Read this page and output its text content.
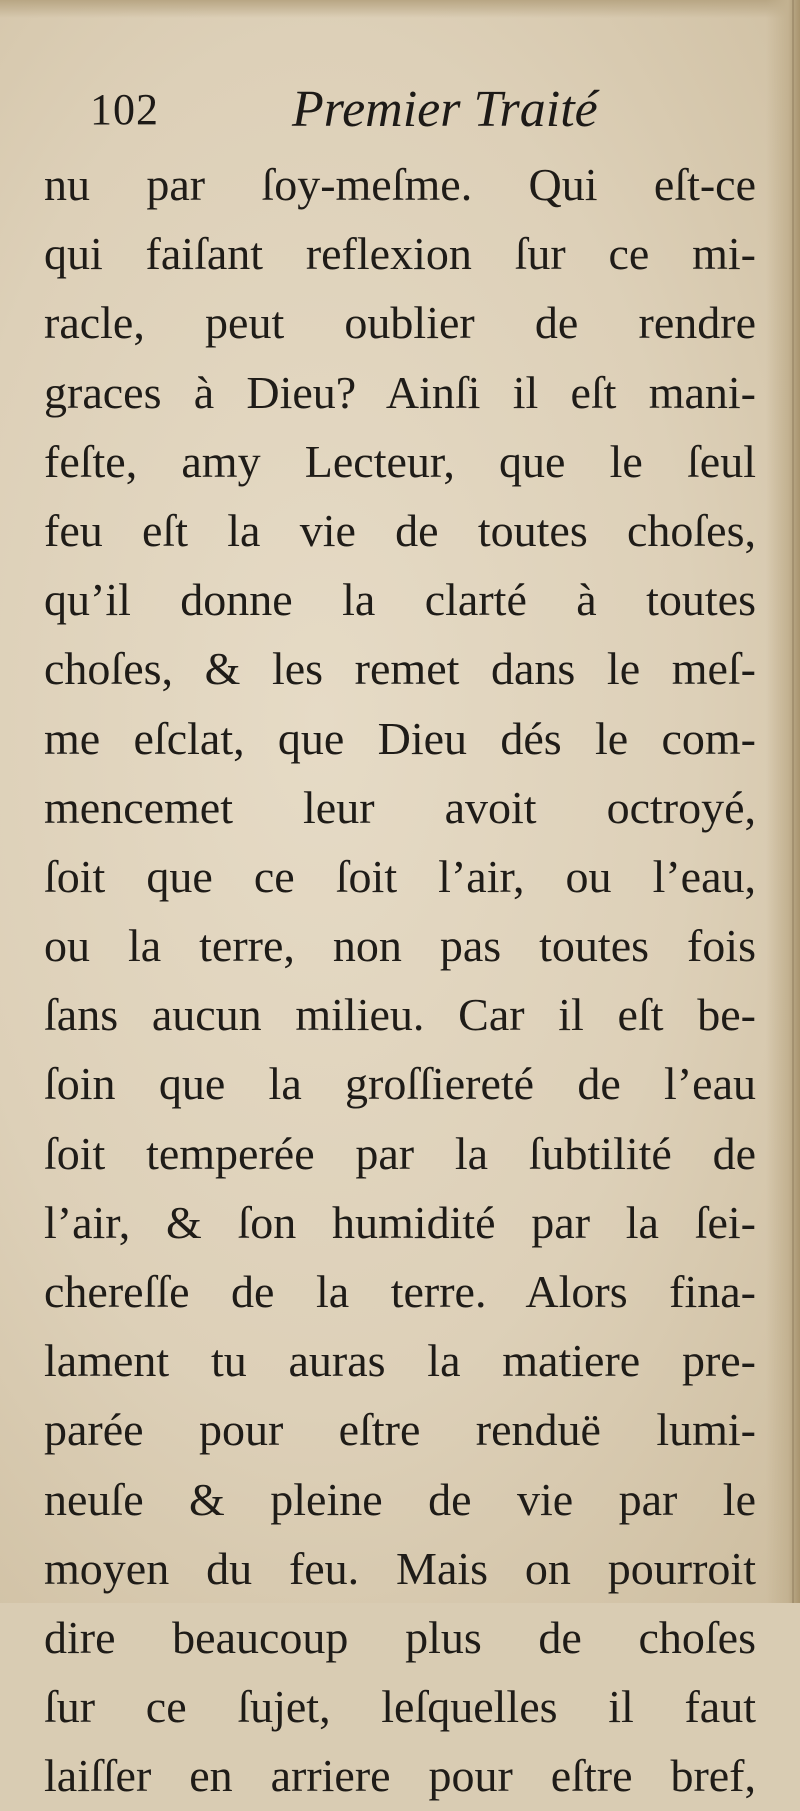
102	Premier Traité
nu par ſoy-meſme. Qui eſt-ce
qui faiſant reflexion ſur ce mi-
racle, peut oublier de rendre
graces à Dieu? Ainſi il eſt mani-
feſte, amy Lecteur, que le ſeul
feu eſt la vie de toutes choſes,
qu’il donne la clarté à toutes
choſes, & les remet dans le meſ-
me eſclat, que Dieu dés le com-
mencemet leur avoit octroyé,
ſoit que ce ſoit l’air, ou l’eau,
ou la terre, non pas toutes fois
ſans aucun milieu. Car il eſt be-
ſoin que la groſſiereté de l’eau
ſoit temperée par la ſubtilité de
l’air, & ſon humidité par la ſei-
chereſſe de la terre. Alors fina-
lament tu auras la matiere pre-
parée pour eſtre renduë lumi-
neuſe & pleine de vie par le
moyen du feu. Mais on pourroit
dire beaucoup plus de choſes
ſur ce ſujet, leſquelles il faut
laiſſer en arriere pour eſtre bref,
